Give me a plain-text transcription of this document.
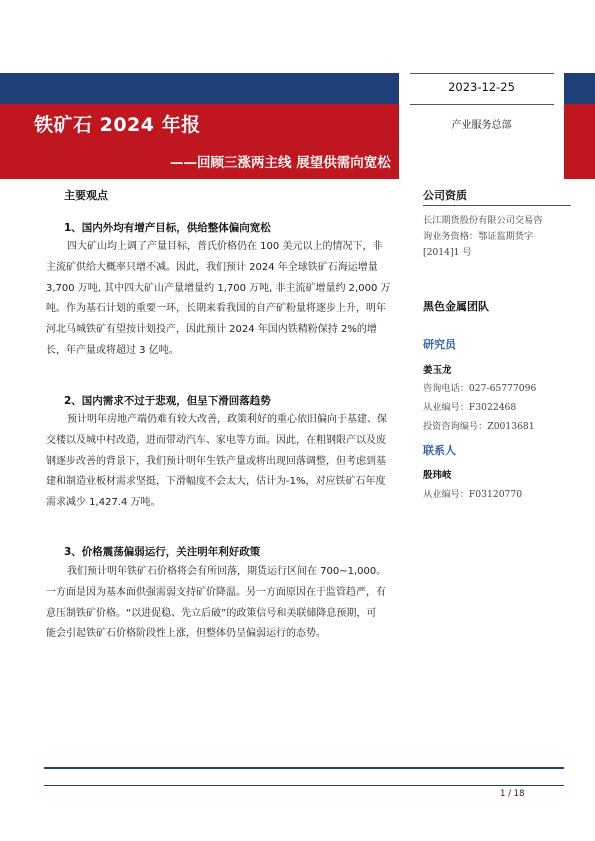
铁矿石 2024 年报
——回顾三涨两主线 展望供需向宽松
2023-12-25
产业服务总部
主要观点
1、国内外均有增产目标，供给整体偏向宽松
四大矿山均上调了产量目标，普氏价格仍在 100 美元以上的情况下，非
主流矿供给大概率只增不减。因此，我们预计 2024 年全球铁矿石海运增量
3,700 万吨, 其中四大矿山产量增量约 1,700 万吨, 非主流矿增量约 2,000 万
吨。作为基石计划的重要一环，长期来看我国的自产矿粉量将逐步上升，明年
河北马城铁矿有望按计划投产，因此预计 2024 年国内铁精粉保持 2%的增
长，年产量或将超过 3 亿吨。
2、国内需求不过于悲观，但呈下滑回落趋势
预计明年房地产端仍难有较大改善，政策利好的重心依旧偏向于基建、保
交楼以及城中村改造，进而带动汽车、家电等方面。因此，在粗钢限产以及废
钢逐步改善的背景下，我们预计明年生铁产量或将出现回落调整，但考虑到基
建和制造业板材需求坚挺，下滑幅度不会太大，估计为-1%，对应铁矿石年度
需求减少 1,427.4 万吨。
3、价格震荡偏弱运行，关注明年利好政策
我们预计明年铁矿石价格将会有所回落，期货运行区间在 700~1,000。
一方面是因为基本面供强需弱支持矿价降温。另一方面原因在于监管趋严，有
意压制铁矿价格。“以进促稳、先立后破”的政策信号和美联储降息预期，可
能会引起铁矿石价格阶段性上涨，但整体仍呈偏弱运行的态势。
公司资质
长江期货股份有限公司交易咨
询业务资格：鄂证监期货字
[2014]1 号
黑色金属团队
研究员
姜玉龙
咨询电话：027-65777096
从业编号：F3022468
投资咨询编号：Z0013681
联系人
殷玮岐
从业编号：F03120770
1 / 18
